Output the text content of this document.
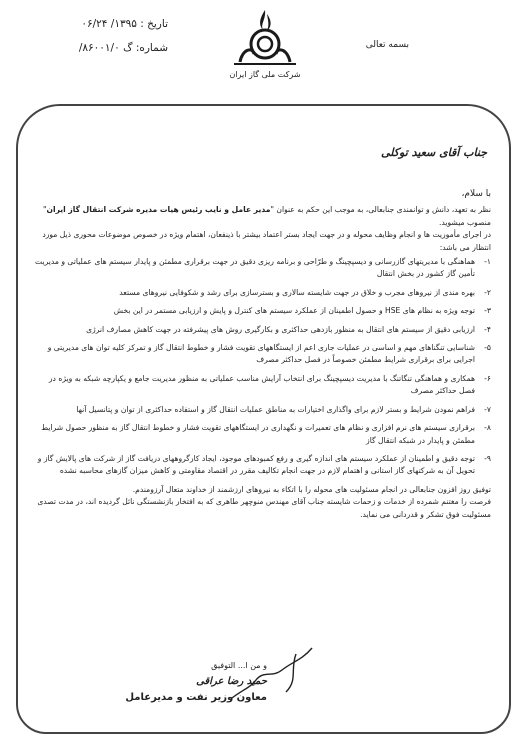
تاریخ : ۱۳۹۵/ ۰۶/۲۴
شماره: گ ۸۶۰۰۱/۰/	بسمه تعالی
شرکت ملی گاز ایران
جناب آقای سعید توکلی

با سلام،

نظر به تعهد، دانش و توانمندی جنابعالی، به موجب این حکم به عنوان "مدیر عامل و نایب رئیس هیات مدیره شرکت انتقال گاز ایران" منصوب میشوید.

در اجرای مأموریت ها و انجام وظایف محوله و در جهت ایجاد بستر اعتماد بیشتر با ذینفعان، اهتمام ویژه در خصوص موضوعات محوری ذیل مورد انتظار می باشد:

۱-
هماهنگی با مدیریتهای گازرسانی و دیسپچینگ و طرّاحی و برنامه ریزی دقیق در جهت برقراری مطمئن و پایدار سیستم های عملیاتی و مدیریت تأمین گاز کشور در بخش انتقال
۲-
بهره مندی از نیروهای مجرب و خلاق در جهت شایسته سالاری و بسترسازی برای رشد و شکوفایی نیروهای مستعد
۳-
توجه ویژه به نظام های HSE و حصول اطمینان از عملکرد سیستم های کنترل و پایش و ارزیابی مستمر در این بخش
۴-
ارزیابی دقیق از سیستم های انتقال به منظور بازدهی حداکثری و بکارگیری روش های پیشرفته در جهت کاهش مصارف انرژی
۵-
شناسایی تنگناهای مهم و اساسی در عملیات جاری اعم از ایستگاههای تقویت فشار و خطوط انتقال گاز و تمرکز کلیه توان های مدیریتی و اجرایی برای برقراری شرایط مطمئن خصوصاً در فصل حداکثر مصرف
۶-
همکاری و هماهنگی تنگاتنگ با مدیریت دیسپچینگ برای انتخاب آرایش مناسب عملیاتی به منظور مدیریت جامع و یکپارچه شبکه به ویژه در فصل حداکثر مصرف
۷-
فراهم نمودن شرایط و بستر لازم برای واگذاری اختیارات به مناطق عملیات انتقال گاز و استفاده حداکثری از توان و پتانسیل آنها
۸-
برقراری سیستم های نرم افزاری و نظام های تعمیرات و نگهداری در ایستگاههای تقویت فشار و خطوط انتقال گاز به منظور حصول شرایط مطمئن و پایدار در شبکه انتقال گاز
۹-
توجه دقیق و اطمینان از عملکرد سیستم های اندازه گیری و رفع کمبودهای موجود، ایجاد کارگروههای دریافت گاز از شرکت های پالایش گاز و تحویل آن به شرکتهای گاز استانی و اهتمام لازم در جهت انجام تکالیف مقرر در اقتصاد مقاومتی و کاهش میزان گازهای محاسبه نشده

توفیق روز افزون جنابعالی در انجام مسئولیت های محوله را با اتکاء به نیروهای ارزشمند از خداوند متعال آرزومندم.

فرصت را مغتنم شمرده از خدمات و زحمات شایسته جناب آقای مهندس منوچهر طاهری که به افتخار بازنشستگی نائل گردیده اند، در مدت تصدی مسئولیت فوق تشکر و قدردانی می نماید.

و من ا... التوفیق
حمید رضا عراقی
معاون وزیر نفت و مدیرعامل
